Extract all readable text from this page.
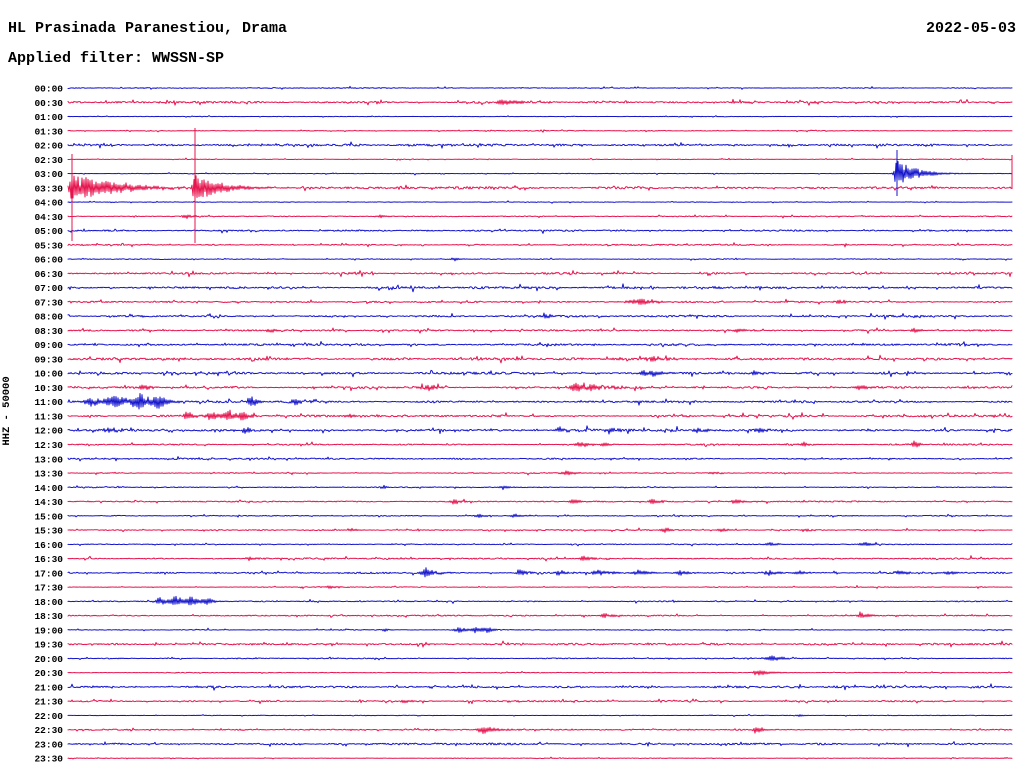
HL Prasinada Paranestiou, Drama
Applied filter: WWSSN-SP
2022-05-03
HHZ - 50000
00:00
00:30
01:00
01:30
02:00
02:30
03:00
03:30
04:00
04:30
05:00
05:30
06:00
06:30
07:00
07:30
08:00
08:30
09:00
09:30
10:00
10:30
11:00
11:30
12:00
12:30
13:00
13:30
14:00
14:30
15:00
15:30
16:00
16:30
17:00
17:30
18:00
18:30
19:00
19:30
20:00
20:30
21:00
21:30
22:00
22:30
23:00
23:30
